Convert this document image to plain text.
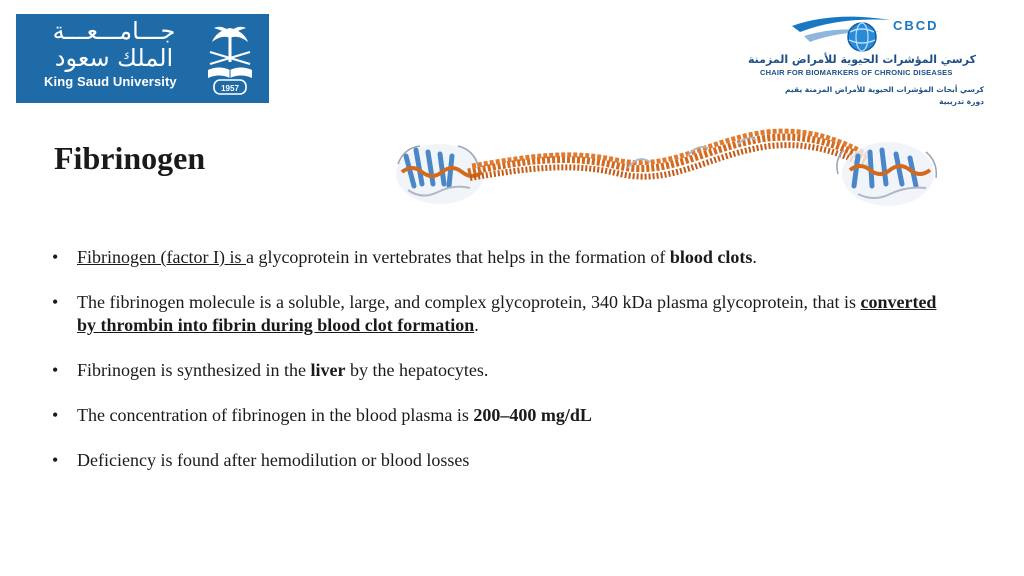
جـــامـــعـــة
الملك سعود
King Saud University	1957
CBCD
كرسي المؤشرات الحيوية للأمراض المزمنة
CHAIR FOR BIOMARKERS OF CHRONIC DISEASES
كرسي أبحاث المؤشرات الحيوية للأمراض المزمنة يقيم
دورة تدريبية
Fibrinogen
• Fibrinogen (factor I) is a glycoprotein in vertebrates that helps in the formation of blood clots.
• The fibrinogen molecule is a soluble, large, and complex glycoprotein, 340 kDa plasma glycoprotein, that is converted by thrombin into fibrin during blood clot formation.
• Fibrinogen is synthesized in the liver by the hepatocytes.
• The concentration of fibrinogen in the blood plasma is 200–400 mg/dL
• Deficiency is found after hemodilution or blood losses
